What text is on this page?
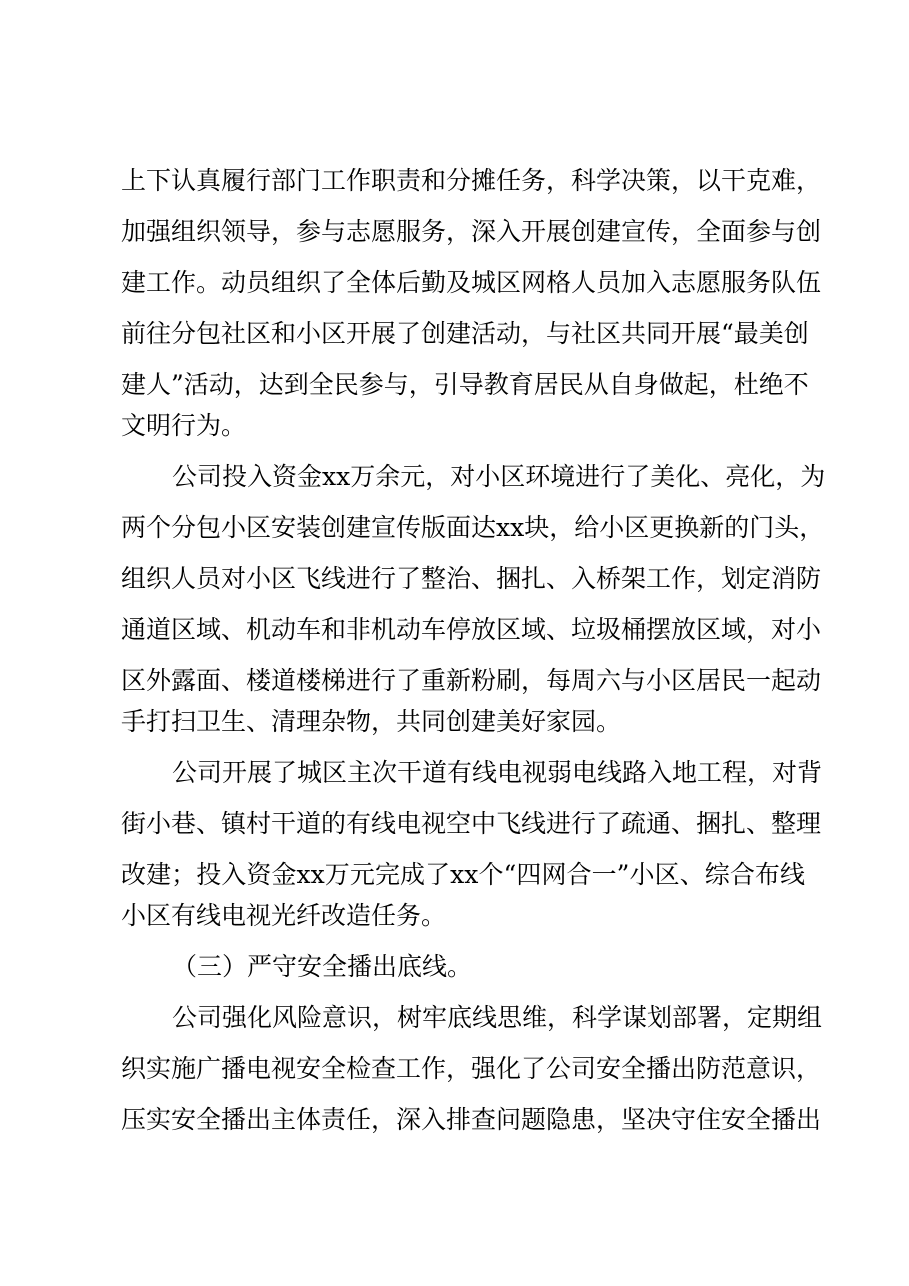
上下认真履行部门工作职责和分摊任务，科学决策，以干克难，
加强组织领导，参与志愿服务，深入开展创建宣传，全面参与创
建工作。动员组织了全体后勤及城区网格人员加入志愿服务队伍
前往分包社区和小区开展了创建活动，与社区共同开展“最美创
建人”活动，达到全民参与，引导教育居民从自身做起，杜绝不
文明行为。
公司投入资金xx万余元，对小区环境进行了美化、亮化，为
两个分包小区安装创建宣传版面达xx块，给小区更换新的门头，
组织人员对小区飞线进行了整治、捆扎、入桥架工作，划定消防
通道区域、机动车和非机动车停放区域、垃圾桶摆放区域，对小
区外露面、楼道楼梯进行了重新粉刷，每周六与小区居民一起动
手打扫卫生、清理杂物，共同创建美好家园。
公司开展了城区主次干道有线电视弱电线路入地工程，对背
街小巷、镇村干道的有线电视空中飞线进行了疏通、捆扎、整理
改建；投入资金xx万元完成了xx个“四网合一”小区、综合布线
小区有线电视光纤改造任务。
（三）严守安全播出底线。
公司强化风险意识，树牢底线思维，科学谋划部署，定期组
织实施广播电视安全检查工作，强化了公司安全播出防范意识，
压实安全播出主体责任，深入排查问题隐患，坚决守住安全播出
